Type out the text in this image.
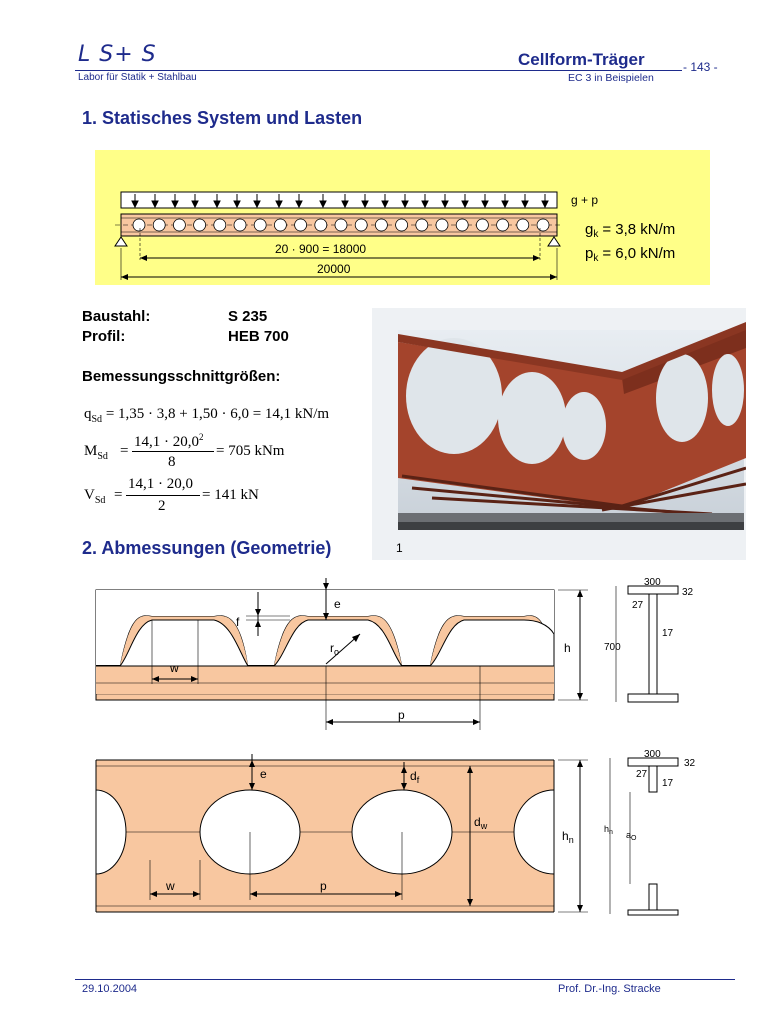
L S+ S
Labor für Statik + Stahlbau
Cellform-Träger
EC 3 in Beispielen
- 143 -
1. Statisches System und Lasten
20 · 900 = 18000
20000
g + p
$g_k = 3,8$ kN/m
$p_k = 6,0$ kN/m
Baustahl:	S 235
Profil:	HEB 700
Bemessungsschnittgrößen:
$q_{Sd} = 1,35 \cdot 3,8 + 1,50 \cdot 6,0 = 14,1$ kN/m
$M_{Sd}$ =
$14,1 \cdot 20,0^2$
8
= 705 kNm
$V_{Sd}$ =
14,1 · 20,0
2
= 141 kN
1
2. Abmessungen (Geometrie)
e
f
w
$r_o$
p
h
300
32
27
17
700
p
w
e	$d_f$
$d_w$
$h_n$
300
32
27
17
$h_n$ $a_O$
29.10.2004	Prof. Dr.-Ing. Stracke
